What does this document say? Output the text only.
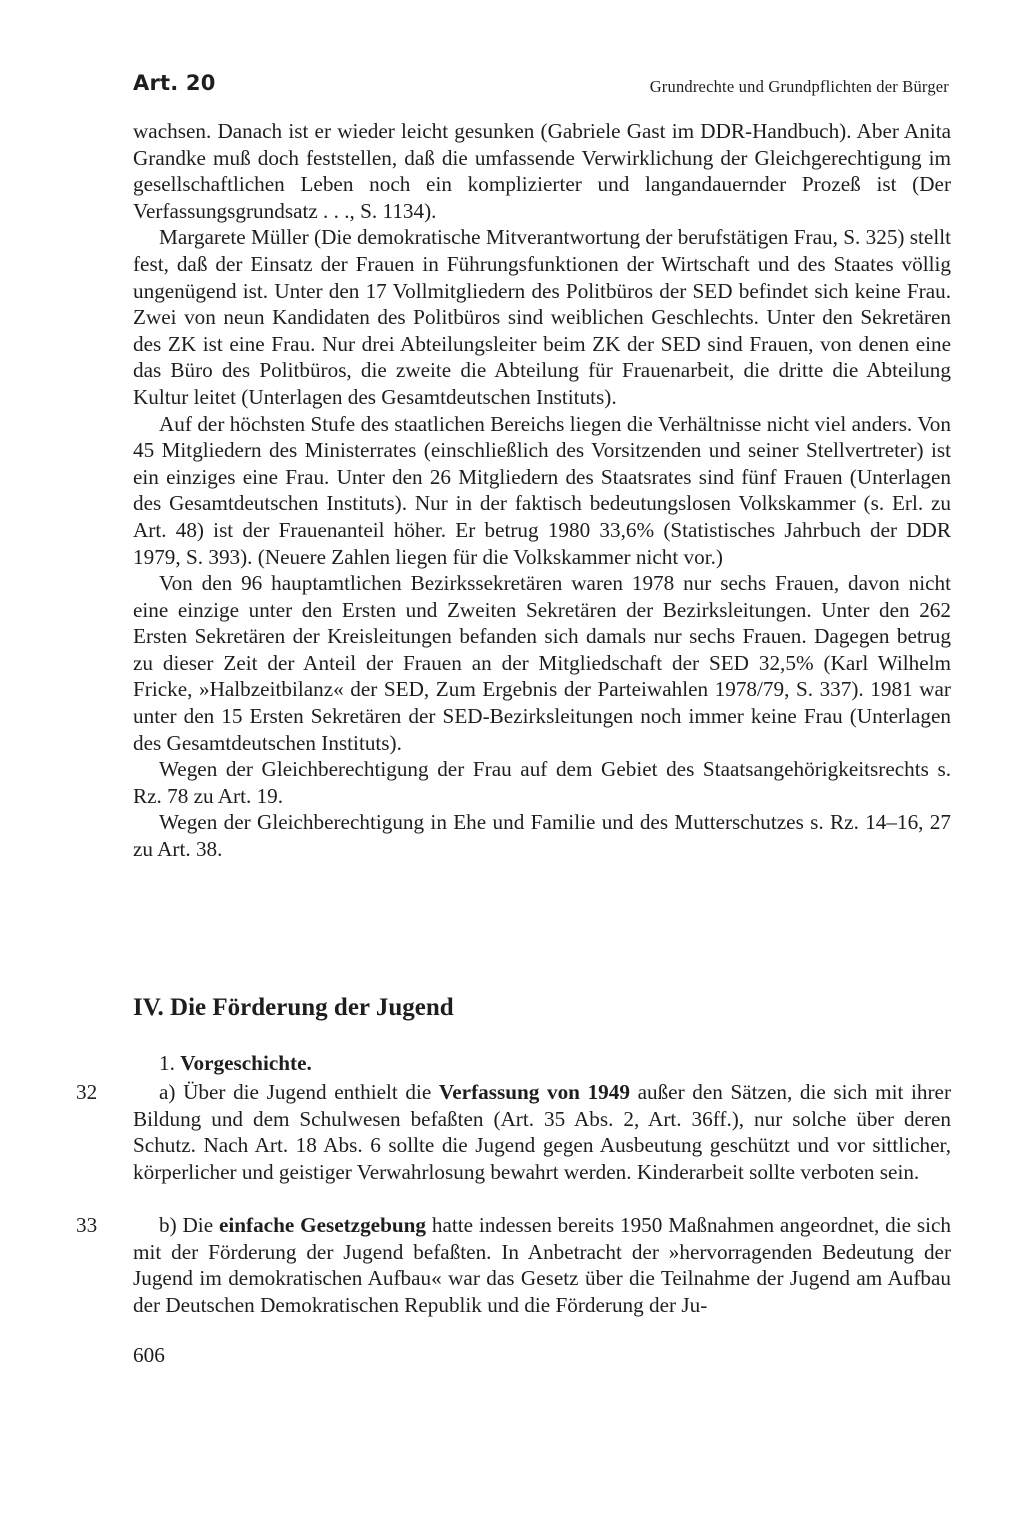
Art. 20	Grundrechte und Grundpflichten der Bürger

wachsen. Danach ist er wieder leicht gesunken (Gabriele Gast im DDR-Handbuch). Aber Anita Grandke muß doch feststellen, daß die umfassende Verwirklichung der Gleichgerechtigung im gesellschaftlichen Leben noch ein komplizierter und langandauernder Prozeß ist (Der Verfassungsgrundsatz . . ., S. 1134).

Margarete Müller (Die demokratische Mitverantwortung der berufstätigen Frau, S. 325) stellt fest, daß der Einsatz der Frauen in Führungsfunktionen der Wirtschaft und des Staates völlig ungenügend ist. Unter den 17 Vollmitgliedern des Politbüros der SED befindet sich keine Frau. Zwei von neun Kandidaten des Politbüros sind weiblichen Geschlechts. Unter den Sekretären des ZK ist eine Frau. Nur drei Abteilungsleiter beim ZK der SED sind Frauen, von denen eine das Büro des Politbüros, die zweite die Abteilung für Frauenarbeit, die dritte die Abteilung Kultur leitet (Unterlagen des Gesamtdeutschen Instituts).

Auf der höchsten Stufe des staatlichen Bereichs liegen die Verhältnisse nicht viel anders. Von 45 Mitgliedern des Ministerrates (einschließlich des Vorsitzenden und seiner Stellvertreter) ist ein einziges eine Frau. Unter den 26 Mitgliedern des Staatsrates sind fünf Frauen (Unterlagen des Gesamtdeutschen Instituts). Nur in der faktisch bedeutungslosen Volkskammer (s. Erl. zu Art. 48) ist der Frauenanteil höher. Er betrug 1980 33,6% (Statistisches Jahrbuch der DDR 1979, S. 393). (Neuere Zahlen liegen für die Volkskammer nicht vor.)

Von den 96 hauptamtlichen Bezirkssekretären waren 1978 nur sechs Frauen, davon nicht eine einzige unter den Ersten und Zweiten Sekretären der Bezirksleitungen. Unter den 262 Ersten Sekretären der Kreisleitungen befanden sich damals nur sechs Frauen. Dagegen betrug zu dieser Zeit der Anteil der Frauen an der Mitgliedschaft der SED 32,5% (Karl Wilhelm Fricke, »Halbzeitbilanz« der SED, Zum Ergebnis der Parteiwahlen 1978/79, S. 337). 1981 war unter den 15 Ersten Sekretären der SED-Bezirksleitungen noch immer keine Frau (Unterlagen des Gesamtdeutschen Instituts).

Wegen der Gleichberechtigung der Frau auf dem Gebiet des Staatsangehörigkeitsrechts s. Rz. 78 zu Art. 19.

Wegen der Gleichberechtigung in Ehe und Familie und des Mutterschutzes s. Rz. 14–16, 27 zu Art. 38.

IV. Die Förderung der Jugend
1. Vorgeschichte.
32	a) Über die Jugend enthielt die Verfassung von 1949 außer den Sätzen, die sich mit ihrer Bildung und dem Schulwesen befaßten (Art. 35 Abs. 2, Art. 36ff.), nur solche über deren Schutz. Nach Art. 18 Abs. 6 sollte die Jugend gegen Ausbeutung geschützt und vor sittlicher, körperlicher und geistiger Verwahrlosung bewahrt werden. Kinderarbeit sollte verboten sein.

33	b) Die einfache Gesetzgebung hatte indessen bereits 1950 Maßnahmen angeordnet, die sich mit der Förderung der Jugend befaßten. In Anbetracht der »hervorragenden Bedeutung der Jugend im demokratischen Aufbau« war das Gesetz über die Teilnahme der Jugend am Aufbau der Deutschen Demokratischen Republik und die Förderung der Ju-

606
